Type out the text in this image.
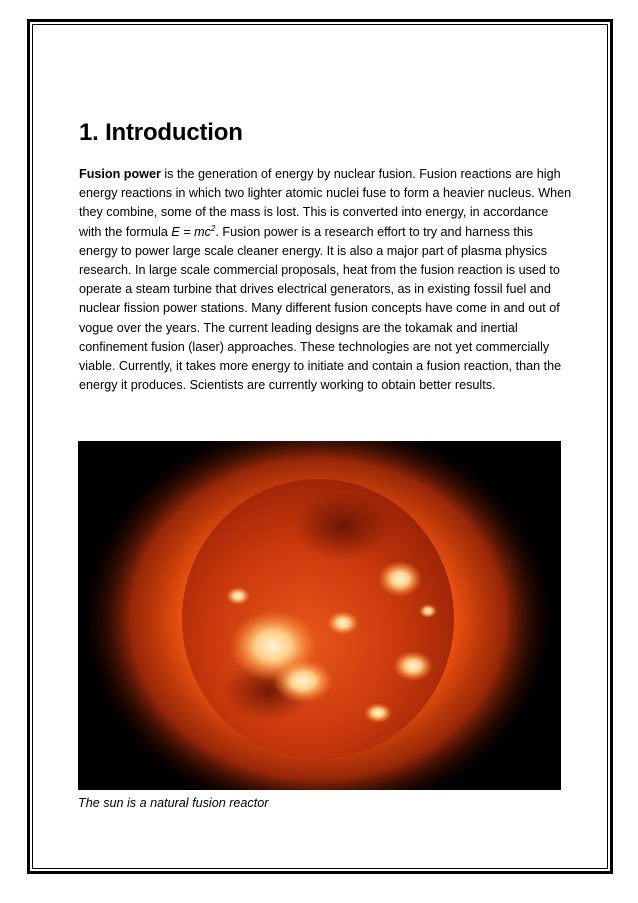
1. Introduction

Fusion power is the generation of energy by nuclear fusion. Fusion reactions are high energy reactions in which two lighter atomic nuclei fuse to form a heavier nucleus. When they combine, some of the mass is lost. This is converted into energy, in accordance with the formula $E = mc^2$. Fusion power is a research effort to try and harness this energy to power large scale cleaner energy. It is also a major part of plasma physics research. In large scale commercial proposals, heat from the fusion reaction is used to operate a steam turbine that drives electrical generators, as in existing fossil fuel and nuclear fission power stations. Many different fusion concepts have come in and out of vogue over the years. The current leading designs are the tokamak and inertial confinement fusion (laser) approaches. These technologies are not yet commercially viable. Currently, it takes more energy to initiate and contain a fusion reaction, than the energy it produces. Scientists are currently working to obtain better results.

The sun is a natural fusion reactor
